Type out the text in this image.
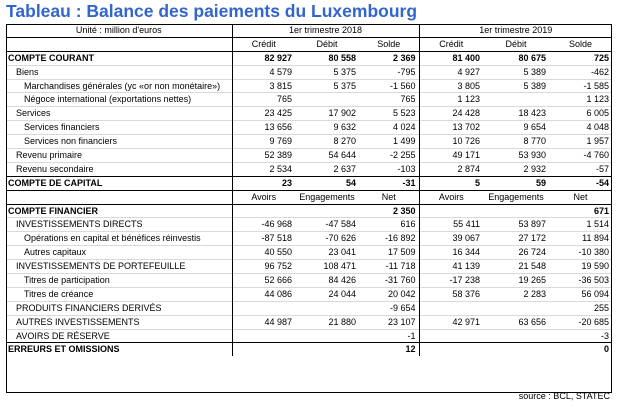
Tableau : Balance des paiements du Luxembourg
Unité : million d'euros	1er trimestre 2018			1er trimestre 2019		
	Crédit	Débit	Solde	Crédit	Débit	Solde
COMPTE COURANT	82 927	80 558	2 369	81 400	80 675	725
Biens	4 579	5 375	-795	4 927	5 389	-462
Marchandises générales (yc «or non monétaire»)	3 815	5 375	-1 560	3 805	5 389	-1 585
Négoce international (exportations nettes)	765		765	1 123		1 123
Services	23 425	17 902	5 523	24 428	18 423	6 005
Services financiers	13 656	9 632	4 024	13 702	9 654	4 048
Services non financiers	9 769	8 270	1 499	10 726	8 770	1 957
Revenu primaire	52 389	54 644	-2 255	49 171	53 930	-4 760
Revenu secondaire	2 534	2 637	-103	2 874	2 932	-57
COMPTE DE CAPITAL	23	54	-31	5	59	-54
	Avoirs	Engagements	Net	Avoirs	Engagements	Net
COMPTE FINANCIER			2 350			671
INVESTISSEMENTS DIRECTS	-46 968	-47 584	616	55 411	53 897	1 514
Opérations en capital et bénéfices réinvestis	-87 518	-70 626	-16 892	39 067	27 172	11 894
Autres capitaux	40 550	23 041	17 509	16 344	26 724	-10 380
INVESTISSEMENTS DE PORTEFEUILLE	96 752	108 471	-11 718	41 139	21 548	19 590
Titres de participation	52 666	84 426	-31 760	-17 238	19 265	-36 503
Titres de créance	44 086	24 044	20 042	58 376	2 283	56 094
PRODUITS FINANCIERS DERIVÉS			-9 654			255
AUTRES INVESTISSEMENTS	44 987	21 880	23 107	42 971	63 656	-20 685
AVOIRS DE RÉSERVE			-1			-3
ERREURS ET OMISSIONS			12			0
source : BCL, STATEC
